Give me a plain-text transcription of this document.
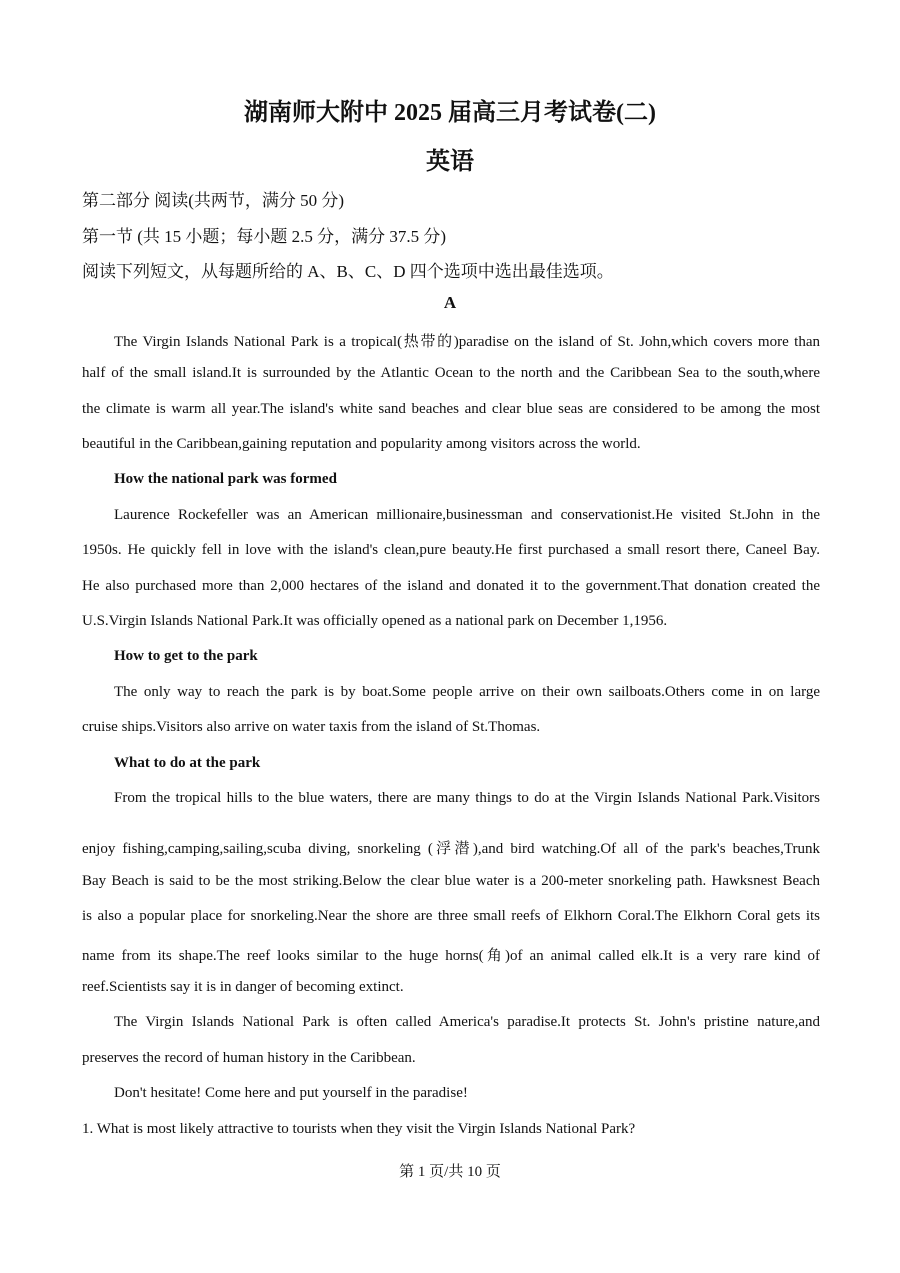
湖南师大附中 2025 届高三月考试卷(二)
英语
第二部分 阅读(共两节，满分 50 分)
第一节 (共 15 小题；每小题 2.5 分，满分 37.5 分)
阅读下列短文，从每题所给的 A、B、C、D 四个选项中选出最佳选项。
A
The Virgin Islands National Park is a tropical(热带的)paradise on the island of St. John,which covers more than
half of the small island.It is surrounded by the Atlantic Ocean to the north and the Caribbean Sea to the south,where
the climate is warm all year.The island's white sand beaches and clear blue seas are considered to be among the most
beautiful in the Caribbean,gaining reputation and popularity among visitors across the world.
How the national park was formed
Laurence Rockefeller was an American millionaire,businessman and conservationist.He visited St.John in the
1950s. He quickly fell in love with the island's clean,pure beauty.He first purchased a small resort there, Caneel Bay.
He also purchased more than 2,000 hectares of the island and donated it to the government.That donation created the
U.S.Virgin Islands National Park.It was officially opened as a national park on December 1,1956.
How to get to the park
The only way to reach the park is by boat.Some people arrive on their own sailboats.Others come in on large
cruise ships.Visitors also arrive on water taxis from the island of St.Thomas.
What to do at the park
From the tropical hills to the blue waters, there are many things to do at the Virgin Islands National Park.Visitors
enjoy fishing,camping,sailing,scuba diving, snorkeling (浮潜),and bird watching.Of all of the park's beaches,Trunk
Bay Beach is said to be the most striking.Below the clear blue water is a 200-meter snorkeling path. Hawksnest Beach
is also a popular place for snorkeling.Near the shore are three small reefs of Elkhorn Coral.The Elkhorn Coral gets its
name from its shape.The reef looks similar to the huge horns(角)of an animal called elk.It is a very rare kind of
reef.Scientists say it is in danger of becoming extinct.
The Virgin Islands National Park is often called America's paradise.It protects St. John's pristine nature,and
preserves the record of human history in the Caribbean.
Don't hesitate! Come here and put yourself in the paradise!
1. What is most likely attractive to tourists when they visit the Virgin Islands National Park?
第 1 页/共 10 页
